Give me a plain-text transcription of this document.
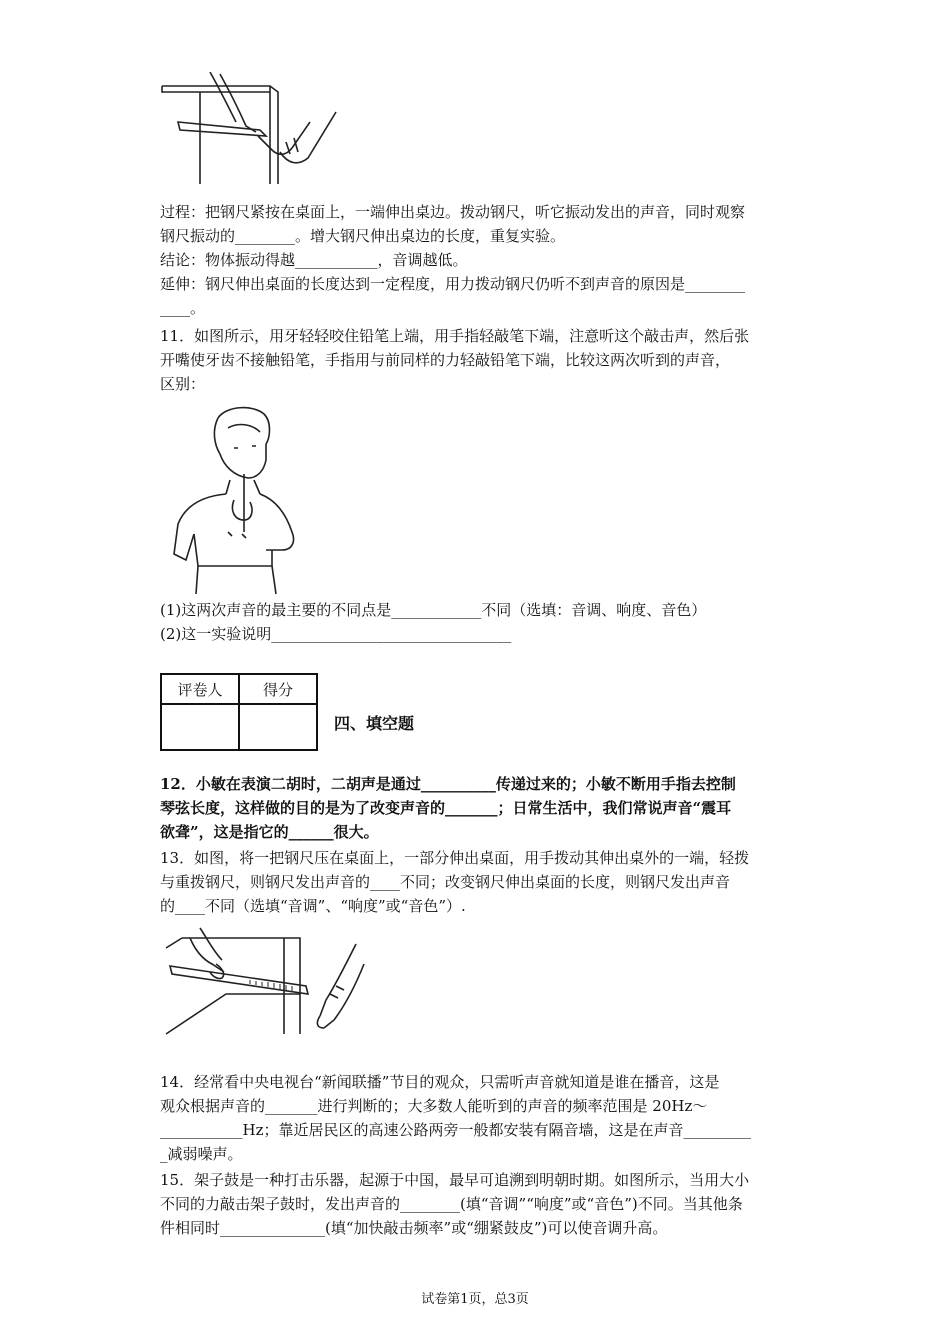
过程：把钢尺紧按在桌面上，一端伸出桌边。拨动钢尺，听它振动发出的声音，同时观察
钢尺振动的________。增大钢尺伸出桌边的长度，重复实验。
结论：物体振动得越___________，音调越低。
延伸：钢尺伸出桌面的长度达到一定程度，用力拨动钢尺仍听不到声音的原因是________
____。
11．如图所示，用牙轻轻咬住铅笔上端，用手指轻敲笔下端，注意听这个敲击声，然后张
开嘴使牙齿不接触铅笔，手指用与前同样的力轻敲铅笔下端，比较这两次听到的声音，
区别：
(1)这两次声音的最主要的不同点是____________不同（选填：音调、响度、音色）
(2)这一实验说明________________________________
评卷人	得分

四、填空题
12．小敏在表演二胡时，二胡声是通过__________传递过来的；小敏不断用手指去控制
琴弦长度，这样做的目的是为了改变声音的_______；日常生活中，我们常说声音“震耳
欲聋”，这是指它的______很大。
13．如图，将一把钢尺压在桌面上，一部分伸出桌面，用手拨动其伸出桌外的一端，轻拨
与重拨钢尺，则钢尺发出声音的____不同；改变钢尺伸出桌面的长度，则钢尺发出声音
的____不同（选填“音调”、“响度”或“音色”）.
14．经常看中央电视台“新闻联播”节目的观众，只需听声音就知道是谁在播音，这是
观众根据声音的_______进行判断的；大多数人能听到的声音的频率范围是 20Hz～
___________Hz；靠近居民区的高速公路两旁一般都安装有隔音墙，这是在声音_________
_减弱噪声。
15．架子鼓是一种打击乐器，起源于中国，最早可追溯到明朝时期。如图所示，当用大小
不同的力敲击架子鼓时，发出声音的________(填“音调”“响度”或“音色”)不同。当其他条
件相同时______________(填“加快敲击频率”或“绷紧鼓皮”)可以使音调升高。
试卷第1页，总3页
